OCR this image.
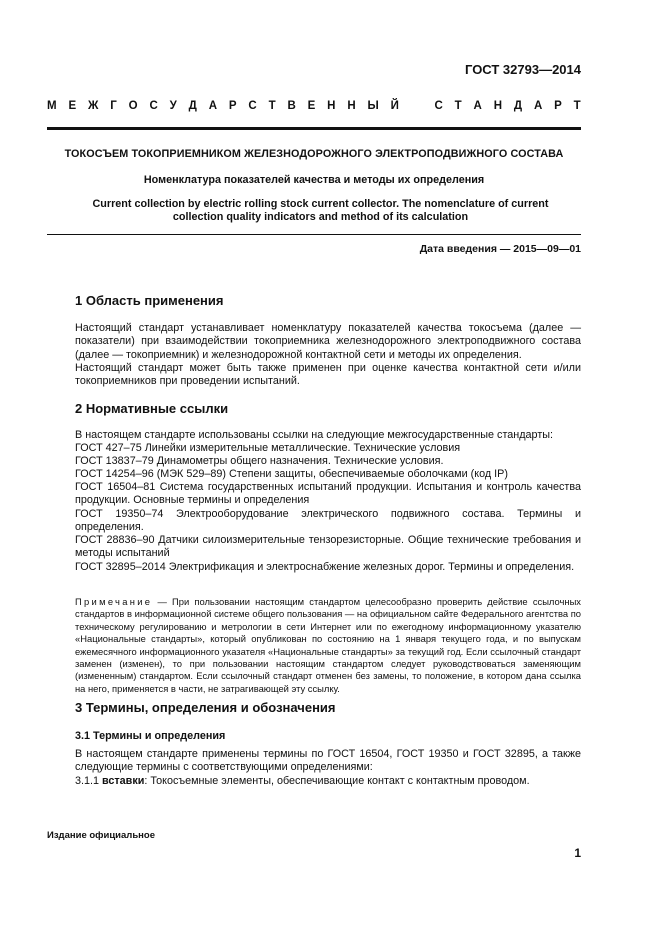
ГОСТ 32793—2014
М Е Ж Г О С У Д А Р С Т В Е Н Н Ы Й	С Т А Н Д А Р Т
ТОКОСЪЕМ ТОКОПРИЕМНИКОМ ЖЕЛЕЗНОДОРОЖНОГО ЭЛЕКТРОПОДВИЖНОГО СОСТАВА
Номенклатура показателей качества и методы их определения
Current collection by electric rolling stock current collector. The nomenclature of current collection quality indicators and method of its calculation
Дата введения — 2015—09—01
1 Область применения
Настоящий стандарт устанавливает номенклатуру показателей качества токосъема (далее — показатели) при взаимодействии токоприемника железнодорожного электроподвижного состава (далее — токоприемник) и железнодорожной контактной сети и методы их определения.
Настоящий стандарт может быть также применен при оценке качества контактной сети и/или токоприемников при проведении испытаний.
2 Нормативные ссылки
В настоящем стандарте использованы ссылки на следующие межгосударственные стандарты:
ГОСТ 427–75 Линейки измерительные металлические. Технические условия
ГОСТ 13837–79 Динамометры общего назначения. Технические условия.
ГОСТ 14254–96 (МЭК 529–89) Степени защиты, обеспечиваемые оболочками (код IP)
ГОСТ 16504–81 Система государственных испытаний продукции. Испытания и контроль качества продукции. Основные термины и определения
ГОСТ 19350–74 Электрооборудование электрического подвижного состава. Термины и определения.
ГОСТ 28836–90 Датчики силоизмерительные тензорезисторные. Общие технические требования и методы испытаний
ГОСТ 32895–2014 Электрификация и электроснабжение железных дорог. Термины и определения.
Примечание — При пользовании настоящим стандартом целесообразно проверить действие ссылочных стандартов в информационной системе общего пользования — на официальном сайте Федерального агентства по техническому регулированию и метрологии в сети Интернет или по ежегодному информационному указателю «Национальные стандарты», который опубликован по состоянию на 1 января текущего года, и по выпускам ежемесячного информационного указателя «Национальные стандарты» за текущий год. Если ссылочный стандарт заменен (изменен), то при пользовании настоящим стандартом следует руководствоваться заменяющим (измененным) стандартом. Если ссылочный стандарт отменен без замены, то положение, в котором дана ссылка на него, применяется в части, не затрагивающей эту ссылку.
3 Термины, определения и обозначения
3.1 Термины и определения
В настоящем стандарте применены термины по ГОСТ 16504, ГОСТ 19350 и ГОСТ 32895, а также следующие термины с соответствующими определениями:
3.1.1 вставки: Токосъемные элементы, обеспечивающие контакт с контактным проводом.
Издание официальное
1
